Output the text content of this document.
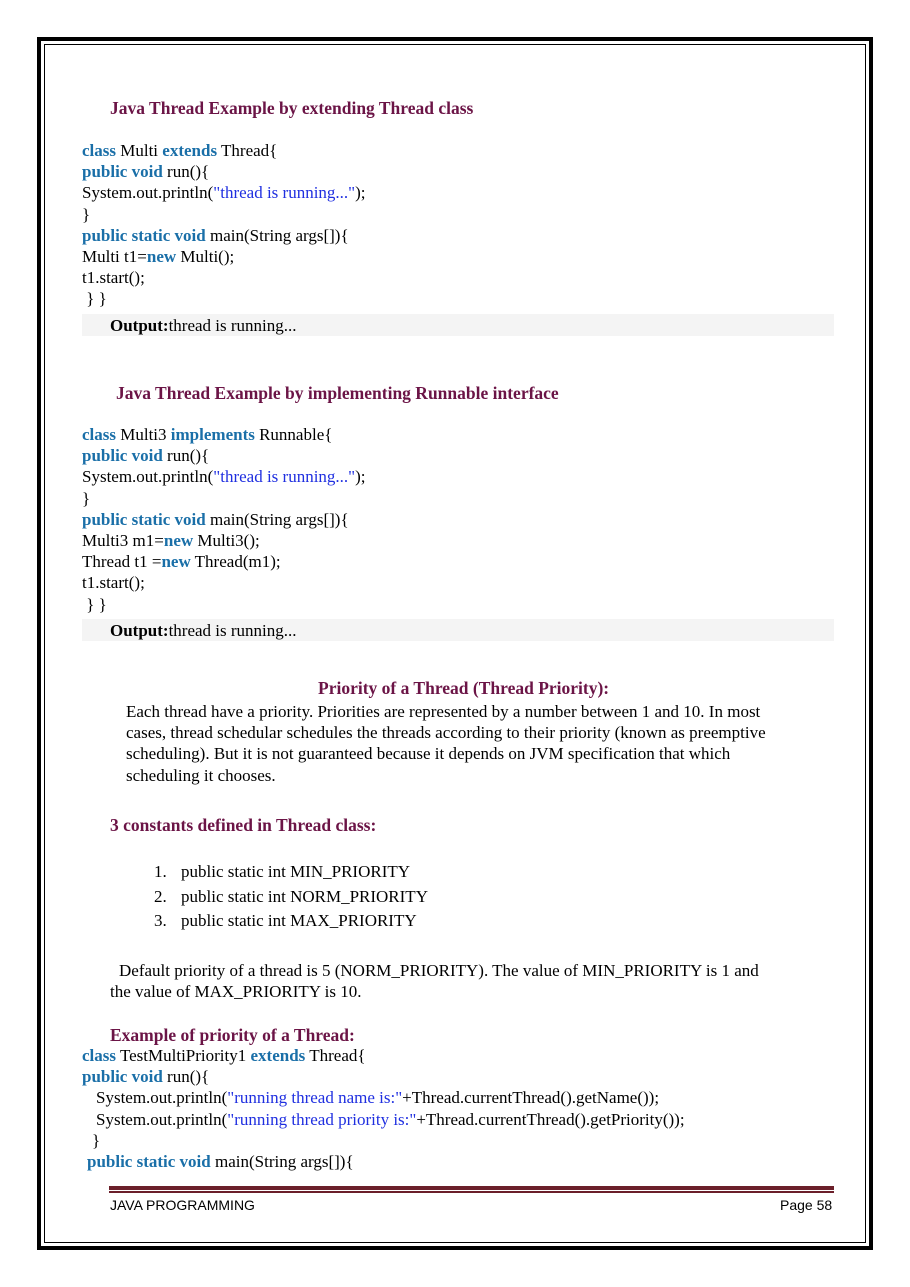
Java Thread Example by extending Thread class
class Multi extends Thread{
public void run(){
System.out.println("thread is running...");
}
public static void main(String args[]){
Multi t1=new Multi();
t1.start();
} }
Output:thread is running...
Java Thread Example by implementing Runnable interface
class Multi3 implements Runnable{
public void run(){
System.out.println("thread is running...");
}
public static void main(String args[]){
Multi3 m1=new Multi3();
Thread t1 =new Thread(m1);
t1.start();
} }
Output:thread is running...
Priority of a Thread (Thread Priority):
Each thread have a priority. Priorities are represented by a number between 1 and 10. In most
cases, thread schedular schedules the threads according to their priority (known as preemptive
scheduling). But it is not guaranteed because it depends on JVM specification that which
scheduling it chooses.
3 constants defined in Thread class:
1. public static int MIN_PRIORITY
2. public static int NORM_PRIORITY
3. public static int MAX_PRIORITY
Default priority of a thread is 5 (NORM_PRIORITY). The value of MIN_PRIORITY is 1 and
the value of MAX_PRIORITY is 10.
Example of priority of a Thread:
class TestMultiPriority1 extends Thread{
public void run(){
System.out.println("running thread name is:"+Thread.currentThread().getName());
System.out.println("running thread priority is:"+Thread.currentThread().getPriority());
}
public static void main(String args[]){
JAVA PROGRAMMING	Page 58
